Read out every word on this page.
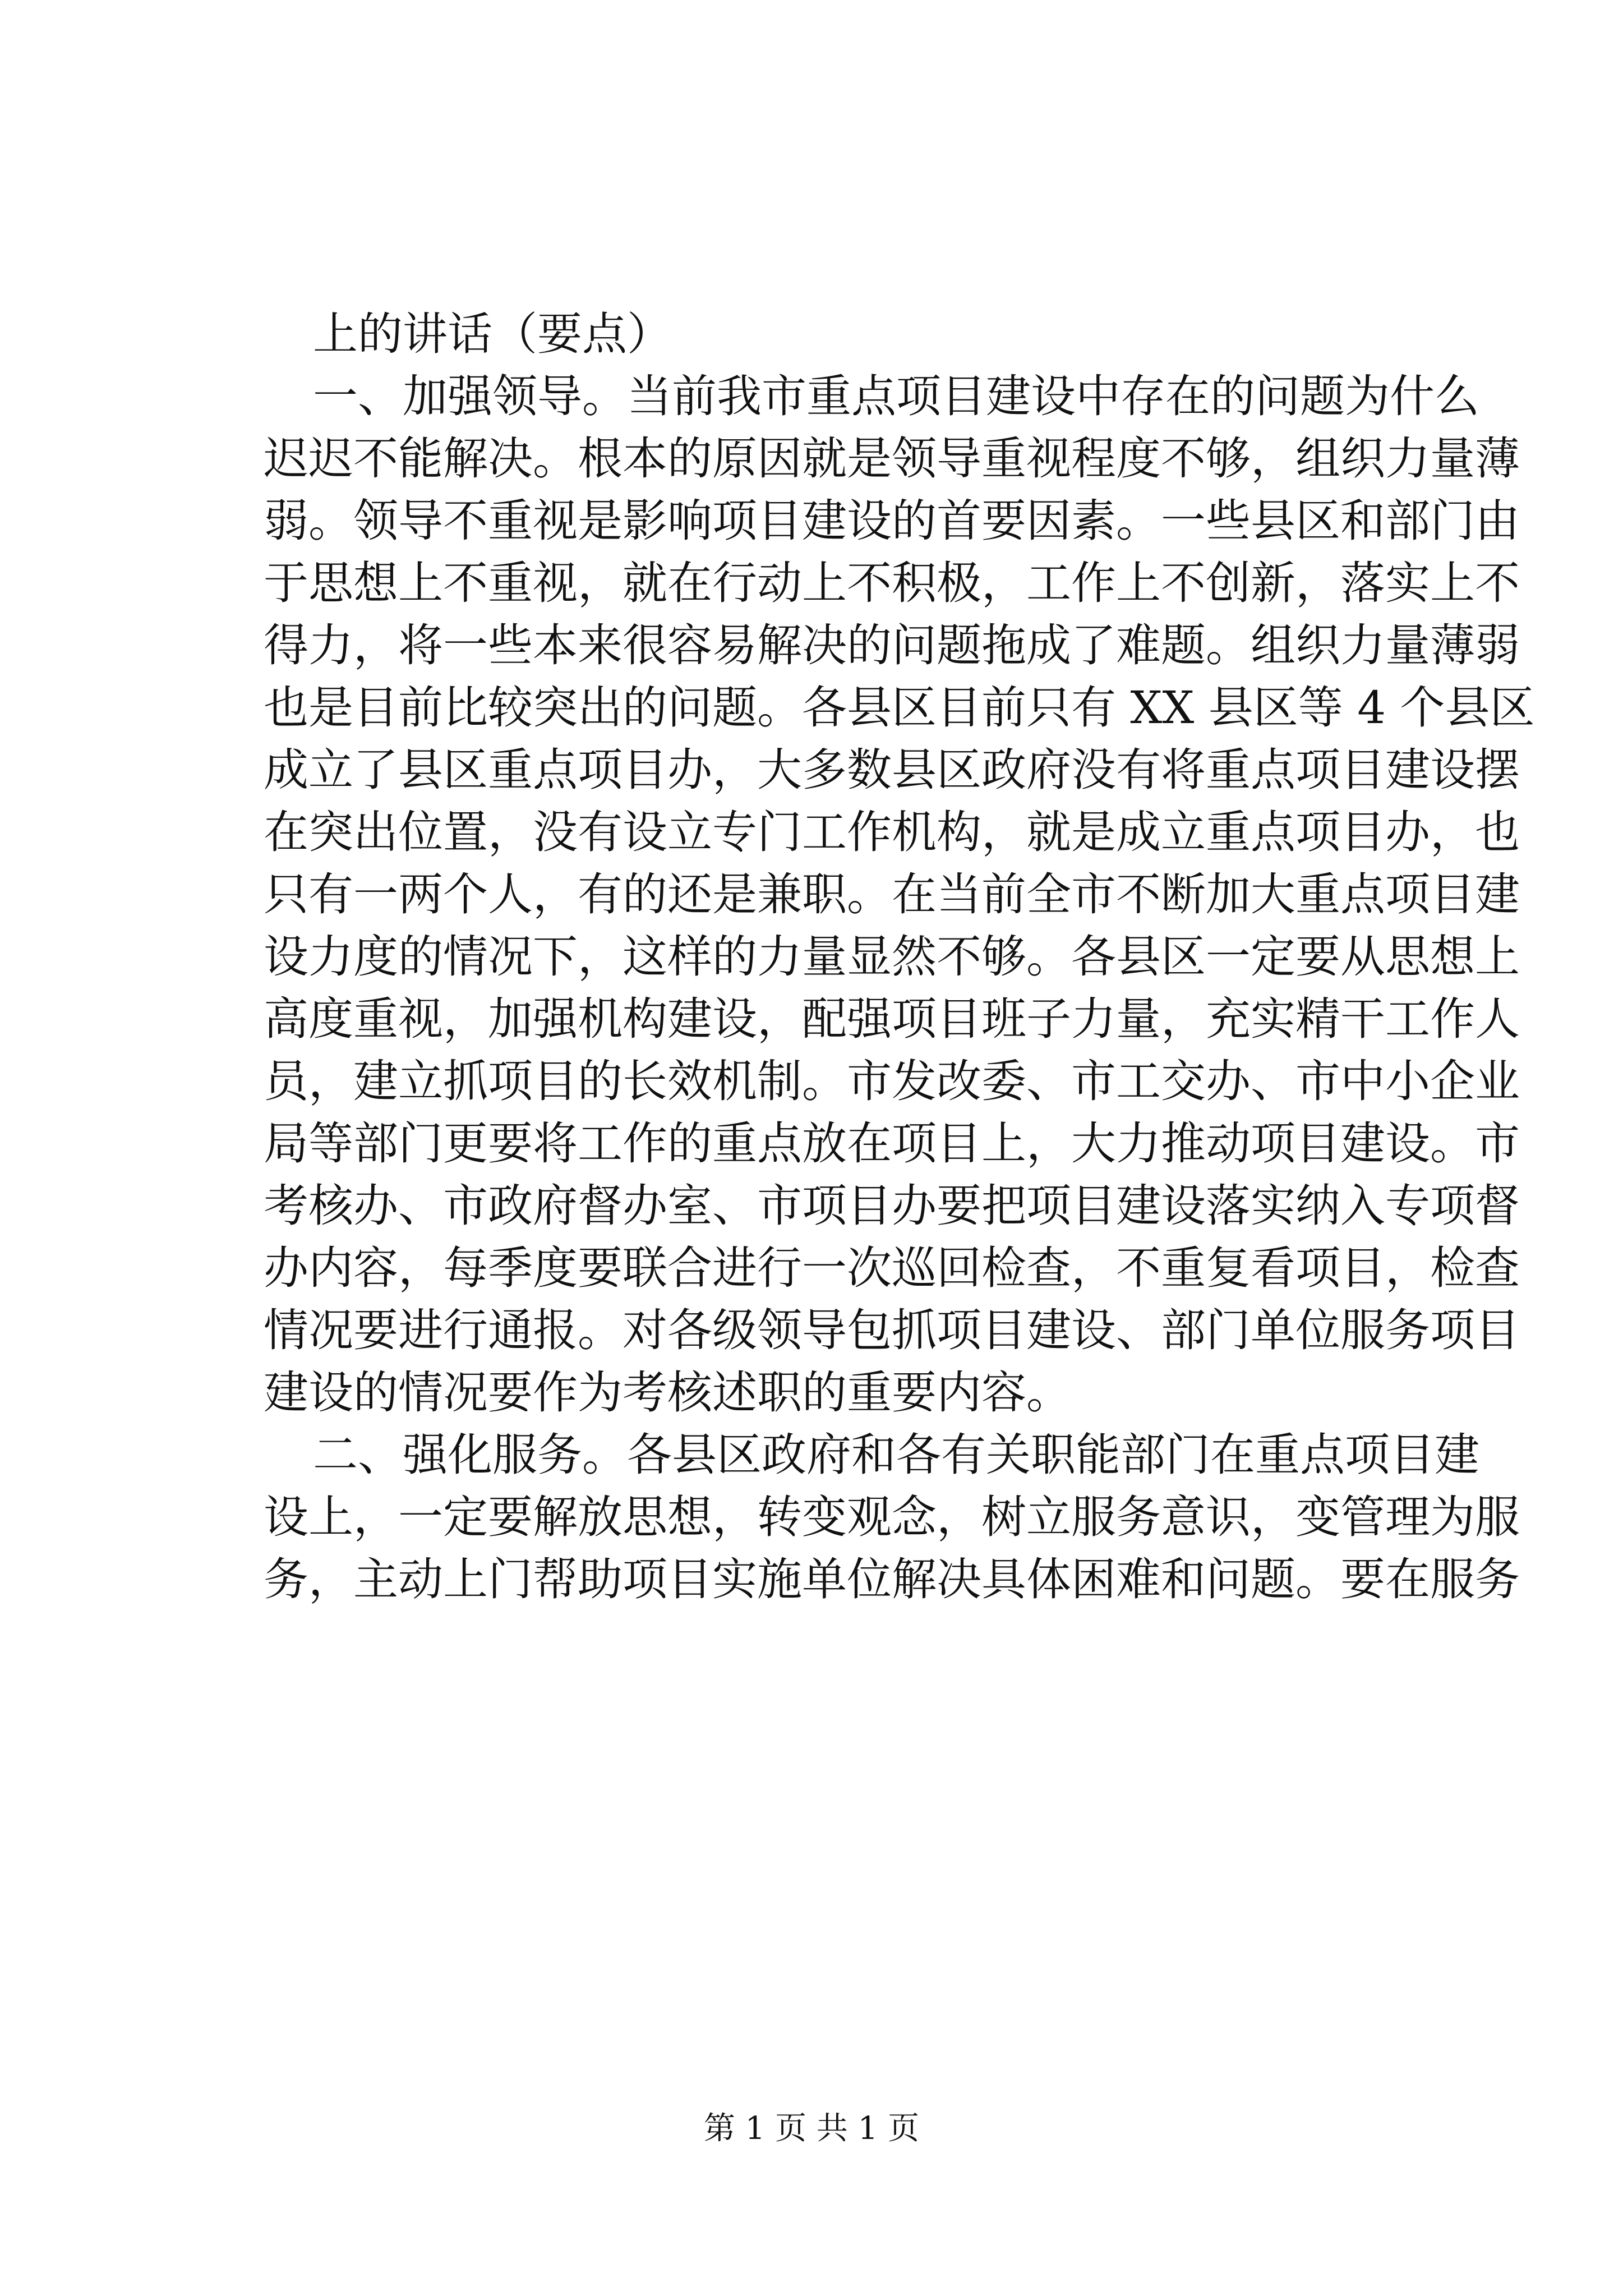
上的讲话（要点）
一、加强领导。当前我市重点项目建设中存在的问题为什么
迟迟不能解决。根本的原因就是领导重视程度不够，组织力量薄
弱。领导不重视是影响项目建设的首要因素。一些县区和部门由
于思想上不重视，就在行动上不积极，工作上不创新，落实上不
得力，将一些本来很容易解决的问题拖成了难题。组织力量薄弱
也是目前比较突出的问题。各县区目前只有 XX 县区等 4 个县区
成立了县区重点项目办，大多数县区政府没有将重点项目建设摆
在突出位置，没有设立专门工作机构，就是成立重点项目办，也
只有一两个人，有的还是兼职。在当前全市不断加大重点项目建
设力度的情况下，这样的力量显然不够。各县区一定要从思想上
高度重视，加强机构建设，配强项目班子力量，充实精干工作人
员，建立抓项目的长效机制。市发改委、市工交办、市中小企业
局等部门更要将工作的重点放在项目上，大力推动项目建设。市
考核办、市政府督办室、市项目办要把项目建设落实纳入专项督
办内容，每季度要联合进行一次巡回检查，不重复看项目，检查
情况要进行通报。对各级领导包抓项目建设、部门单位服务项目
建设的情况要作为考核述职的重要内容。
二、强化服务。各县区政府和各有关职能部门在重点项目建
设上，一定要解放思想，转变观念，树立服务意识，变管理为服
务，主动上门帮助项目实施单位解决具体困难和问题。要在服务
第 1 页 共 1 页
